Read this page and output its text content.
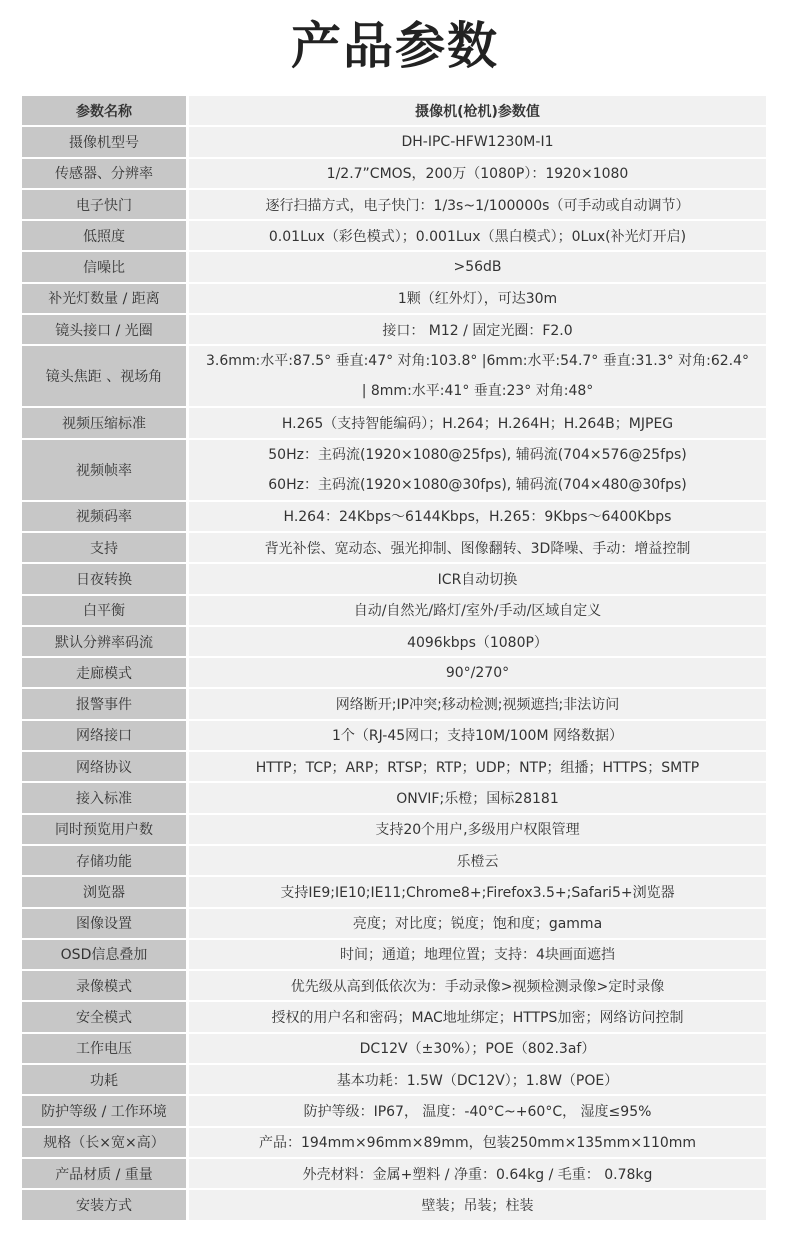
产品参数
参数名称	摄像机(枪机)参数值
摄像机型号	DH-IPC-HFW1230M-I1
传感器、分辨率	1/2.7”CMOS，200万（1080P）：1920×1080
电子快门	逐行扫描方式，电子快门：1/3s~1/100000s（可手动或自动调节）
低照度	0.01Lux（彩色模式）；0.001Lux（黑白模式）；0Lux(补光灯开启)
信噪比	>56dB
补光灯数量 / 距离	1颗（红外灯），可达30m
镜头接口 / 光圈	接口： M12 / 固定光圈：F2.0
镜头焦距 、视场角	3.6mm:水平:87.5° 垂直:47° 对角:103.8° |6mm:水平:54.7° 垂直:31.3° 对角:62.4°
| 8mm:水平:41° 垂直:23° 对角:48°

视频压缩标准	H.265（支持智能编码）；H.264；H.264H；H.264B；MJPEG
视频帧率	50Hz：主码流(1920×1080@25fps), 辅码流(704×576@25fps)
60Hz：主码流(1920×1080@30fps), 辅码流(704×480@30fps)

视频码率	H.264：24Kbps～6144Kbps，H.265：9Kbps～6400Kbps
支持	背光补偿、宽动态、强光抑制、图像翻转、3D降噪、手动：增益控制
日夜转换	ICR自动切换
白平衡	自动/自然光/路灯/室外/手动/区域自定义
默认分辨率码流	4096kbps（1080P）
走廊模式	90°/270°
报警事件	网络断开;IP冲突;移动检测;视频遮挡;非法访问
网络接口	1个（RJ-45网口；支持10M/100M 网络数据）
网络协议	HTTP；TCP；ARP；RTSP；RTP；UDP；NTP；组播；HTTPS；SMTP
接入标准	ONVIF;乐橙；国标28181
同时预览用户数	支持20个用户,多级用户权限管理
存储功能	乐橙云
浏览器	支持IE9;IE10;IE11;Chrome8+;Firefox3.5+;Safari5+浏览器
图像设置	亮度；对比度；锐度；饱和度；gamma
OSD信息叠加	时间；通道；地理位置；支持：4块画面遮挡
录像模式	优先级从高到低依次为：手动录像>视频检测录像>定时录像
安全模式	授权的用户名和密码；MAC地址绑定；HTTPS加密；网络访问控制
工作电压	DC12V（±30%）；POE（802.3af）
功耗	基本功耗：1.5W（DC12V）；1.8W（POE）
防护等级 / 工作环境	防护等级：IP67， 温度：-40°C~+60°C， 湿度≤95%
规格（长×宽×高）	产品：194mm×96mm×89mm，包装250mm×135mm×110mm
产品材质 / 重量	外壳材料：金属+塑料 / 净重：0.64kg / 毛重： 0.78kg
安装方式	壁装；吊装；柱装
